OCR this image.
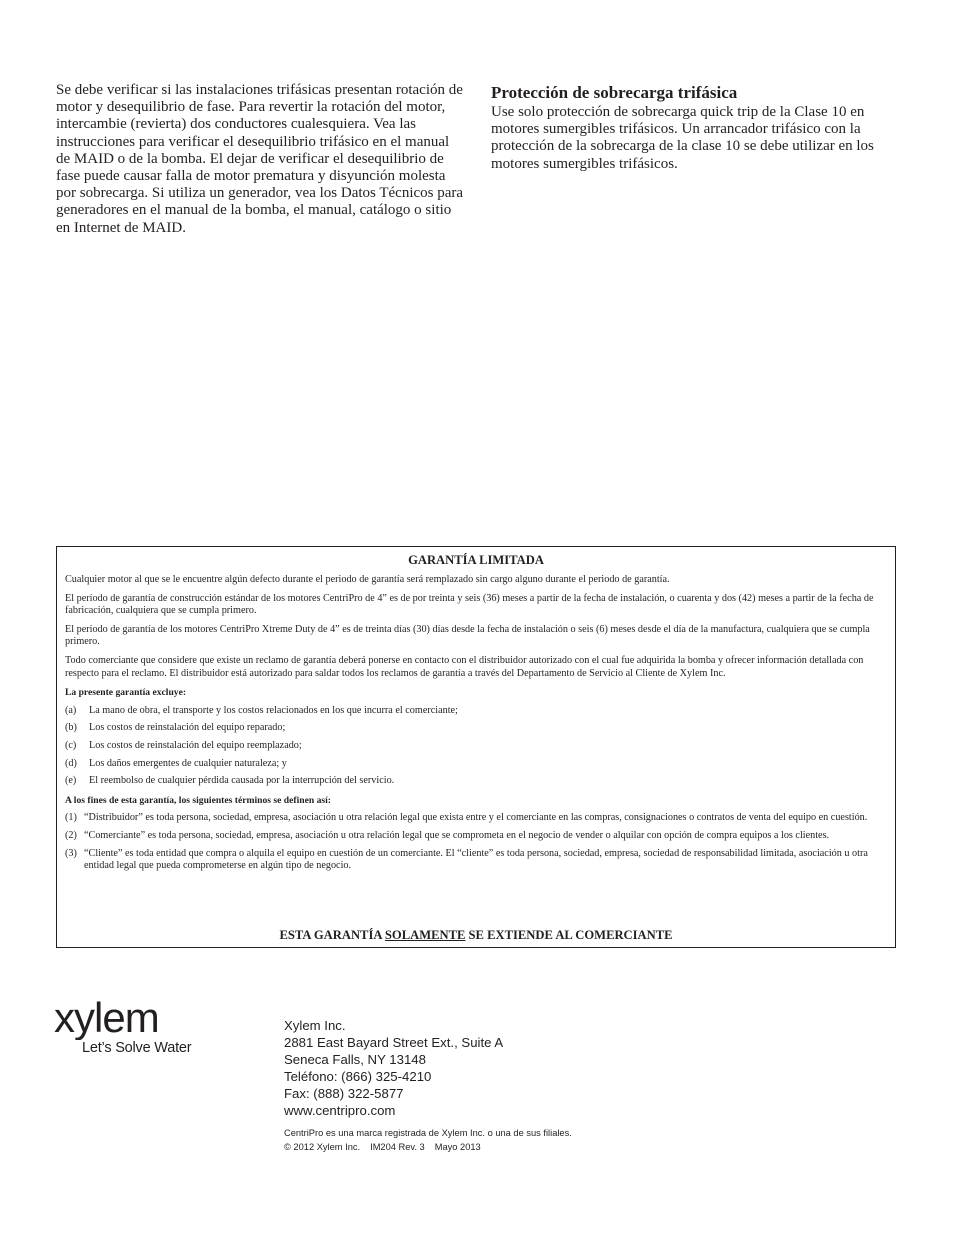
Se debe verificar si las instalaciones trifásicas presentan rotación de motor y desequilibrio de fase. Para revertir la rotación del motor, intercambie (revierta) dos conductores cualesquiera. Vea las instrucciones para verificar el desequilibrio trifásico en el manual de MAID o de la bomba. El dejar de verificar el desequilibrio de fase puede causar falla de motor prematura y disyunción molesta por sobrecarga. Si utiliza un generador, vea los Datos Técnicos para generadores en el manual de la bomba, el manual, catálogo o sitio en Internet de MAID.

Protección de sobrecarga trifásica

Use solo protección de sobrecarga quick trip de la Clase 10 en motores sumergibles trifásicos. Un arrancador trifásico con la protección de la sobrecarga de la clase 10 se debe utilizar en los motores sumergibles trifásicos.

GARANTÍA LIMITADA

Cualquier motor al que se le encuentre algún defecto durante el periodo de garantía será remplazado sin cargo alguno durante el periodo de garantía.

El período de garantía de construcción estándar de los motores CentriPro de 4” es de por treinta y seis (36) meses a partir de la fecha de instalación, o cuarenta y dos (42) meses a partir de la fecha de fabricación, cualquiera que se cumpla primero.

El periodo de garantía de los motores CentriPro Xtreme Duty de 4” es de treinta días (30) días desde la fecha de instalación o seis (6) meses desde el día de la manufactura, cualquiera que se cumpla primero.

Todo comerciante que considere que existe un reclamo de garantía deberá ponerse en contacto con el distribuidor autorizado con el cual fue adquirida la bomba y ofrecer información detallada con respecto para el reclamo. El distribuidor está autorizado para saldar todos los reclamos de garantía a través del Departamento de Servicio al Cliente de Xylem Inc.

La presente garantía excluye:
(a)	La mano de obra, el transporte y los costos relacionados en los que incurra el comerciante;
(b)	Los costos de reinstalación del equipo reparado;
(c)	Los costos de reinstalación del equipo reemplazado;
(d)	Los daños emergentes de cualquier naturaleza; y
(e)	El reembolso de cualquier pérdida causada por la interrupción del servicio.
A los fines de esta garantía, los siguientes términos se definen así:
(1) “Distribuidor” es toda persona, sociedad, empresa, asociación u otra relación legal que exista entre y el comerciante en las compras, consignaciones o contratos de venta del equipo en cuestión.
(2) “Comerciante” es toda persona, sociedad, empresa, asociación u otra relación legal que se comprometa en el negocio de vender o alquilar con opción de compra equipos a los clientes.
(3) “Cliente” es toda entidad que compra o alquila el equipo en cuestión de un comerciante. El “cliente” es toda persona, sociedad, empresa, sociedad de responsabilidad limitada, asociación u otra entidad legal que pueda comprometerse en algún tipo de negocio.
ESTA GARANTÍA SOLAMENTE SE EXTIENDE AL COMERCIANTE
xylem
Let’s Solve Water
Xylem Inc.
2881 East Bayard Street Ext., Suite A
Seneca Falls, NY 13148
Teléfono: (866) 325-4210
Fax: (888) 322-5877
www.centripro.com
CentriPro es una marca registrada de Xylem Inc. o una de sus filiales.
© 2012 Xylem Inc. IM204 Rev. 3 Mayo 2013
